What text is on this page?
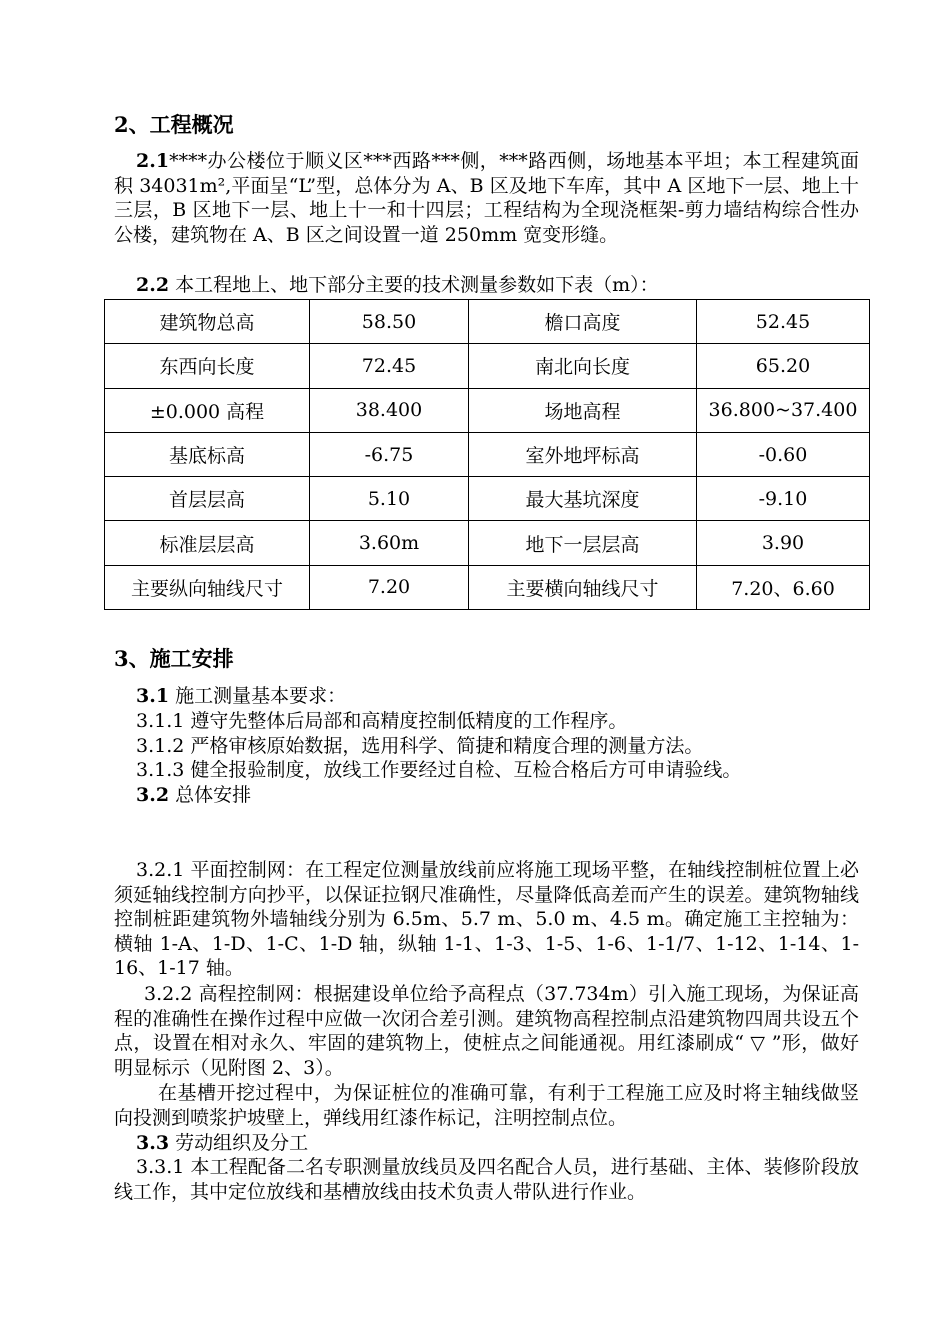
2、工程概况

2.1****办公楼位于顺义区***西路***侧，***路西侧，场地基本平坦；本工程建筑面积 34031m²,平面呈“L”型，总体分为 A、B 区及地下车库，其中 A 区地下一层、地上十三层，B 区地下一层、地上十一和十四层；工程结构为全现浇框架-剪力墙结构综合性办公楼，建筑物在 A、B 区之间设置一道 250mm 宽变形缝。

2.2 本工程地上、地下部分主要的技术测量参数如下表（m）：

建筑物总高	58.50	檐口高度	52.45
东西向长度	72.45	南北向长度	65.20
±0.000 高程	38.400	场地高程	36.800~37.400
基底标高	-6.75	室外地坪标高	-0.60
首层层高	5.10	最大基坑深度	-9.10
标准层层高	3.60m	地下一层层高	3.90
主要纵向轴线尺寸	7.20	主要横向轴线尺寸	7.20、6.60
3、施工安排

3.1 施工测量基本要求：

3.1.1 遵守先整体后局部和高精度控制低精度的工作程序。

3.1.2 严格审核原始数据，选用科学、简捷和精度合理的测量方法。

3.1.3 健全报验制度，放线工作要经过自检、互检合格后方可申请验线。

3.2 总体安排

3.2.1 平面控制网：在工程定位测量放线前应将施工现场平整，在轴线控制桩位置上必须延轴线控制方向抄平，以保证拉钢尺准确性，尽量降低高差而产生的误差。建筑物轴线控制桩距建筑物外墙轴线分别为 6.5m、5.7 m、5.0 m、4.5 m。确定施工主控轴为：横轴 1-A、1-D、1-C、1-D 轴，纵轴 1-1、1-3、1-5、1-6、1-1/7、1-12、1-14、1-16、1-17 轴。

3.2.2 高程控制网：根据建设单位给予高程点（37.734m）引入施工现场，为保证高程的准确性在操作过程中应做一次闭合差引测。建筑物高程控制点沿建筑物四周共设五个点，设置在相对永久、牢固的建筑物上，使桩点之间能通视。用红漆刷成“ ▽ ”形，做好明显标示（见附图 2、3）。

在基槽开挖过程中，为保证桩位的准确可靠，有利于工程施工应及时将主轴线做竖向投测到喷浆护坡壁上，弹线用红漆作标记，注明控制点位。

3.3 劳动组织及分工

3.3.1 本工程配备二名专职测量放线员及四名配合人员，进行基础、主体、装修阶段放线工作，其中定位放线和基槽放线由技术负责人带队进行作业。
